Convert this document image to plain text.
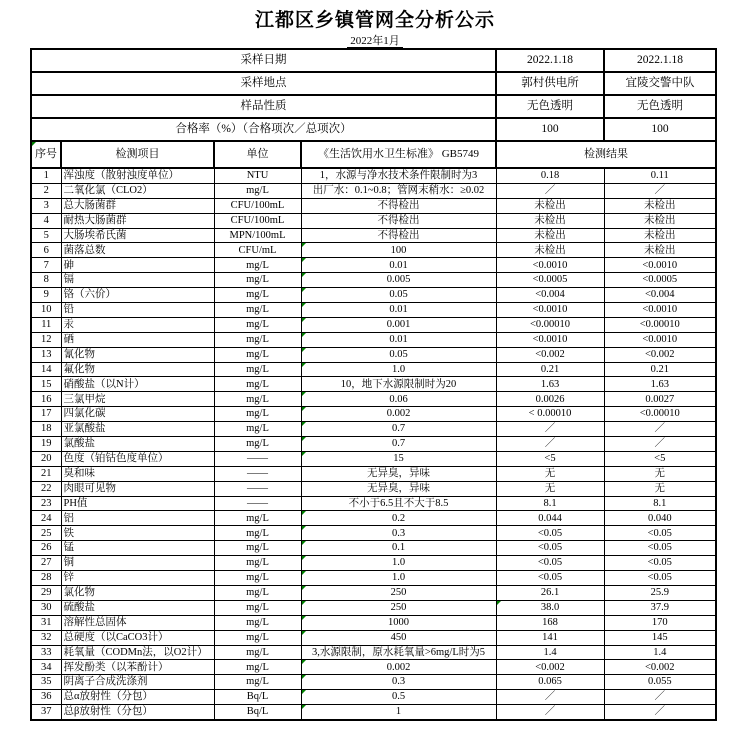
江都区乡镇管网全分析公示
2022年1月
采样日期				2022.1.18	2022.1.18
采样地点				郭村供电所	宜陵交警中队
样品性质				无色透明	无色透明
合格率（%）（合格项次／总项次）				100	100
序号	检测项目	单位	《生活饮用水卫生标准》 GB5749	检测结果	
1	浑浊度（散射浊度单位）	NTU	1，水源与净水技术条件限制时为3	0.18	0.11
2	二氧化氯（CLO2）	mg/L	出厂水：0.1~0.8；管网末稍水：≥0.02	／	／
3	总大肠菌群	CFU/100mL	不得检出	未检出	未检出
4	耐热大肠菌群	CFU/100mL	不得检出	未检出	未检出
5	大肠埃希氏菌	MPN/100mL	不得检出	未检出	未检出
6	菌落总数	CFU/mL	100	未检出	未检出
7	砷	mg/L	0.01	<0.0010	<0.0010
8	镉	mg/L	0.005	<0.0005	<0.0005
9	铬（六价）	mg/L	0.05	<0.004	<0.004
10	铅	mg/L	0.01	<0.0010	<0.0010
11	汞	mg/L	0.001	<0.00010	<0.00010
12	硒	mg/L	0.01	<0.0010	<0.0010
13	氰化物	mg/L	0.05	<0.002	<0.002
14	氟化物	mg/L	1.0	0.21	0.21
15	硝酸盐（以N计）	mg/L	10，地下水源限制时为20	1.63	1.63
16	三氯甲烷	mg/L	0.06	0.0026	0.0027
17	四氯化碳	mg/L	0.002	< 0.00010	<0.00010
18	亚氯酸盐	mg/L	0.7	／	／
19	氯酸盐	mg/L	0.7	／	／
20	色度（铂钴色度单位）	——	15	<5	<5
21	臭和味	——	无异臭，异味	无	无
22	肉眼可见物	——	无异臭，异味	无	无
23	PH值	——	不小于6.5且不大于8.5	8.1	8.1
24	铝	mg/L	0.2	0.044	0.040
25	铁	mg/L	0.3	<0.05	<0.05
26	锰	mg/L	0.1	<0.05	<0.05
27	铜	mg/L	1.0	<0.05	<0.05
28	锌	mg/L	1.0	<0.05	<0.05
29	氯化物	mg/L	250	26.1	25.9
30	硫酸盐	mg/L	250	38.0	37.9
31	溶解性总固体	mg/L	1000	168	170
32	总硬度（以CaCO3计）	mg/L	450	141	145
33	耗氧量（CODMn法，以O2计）	mg/L	3,水源限制，原水耗氧量>6mg/L时为5	1.4	1.4
34	挥发酚类（以苯酚计）	mg/L	0.002	<0.002	<0.002
35	阴离子合成洗涤剂	mg/L	0.3	0.065	0.055
36	总α放射性（分包）	Bq/L	0.5	／	／
37	总β放射性（分包）	Bq/L	1	／	／
